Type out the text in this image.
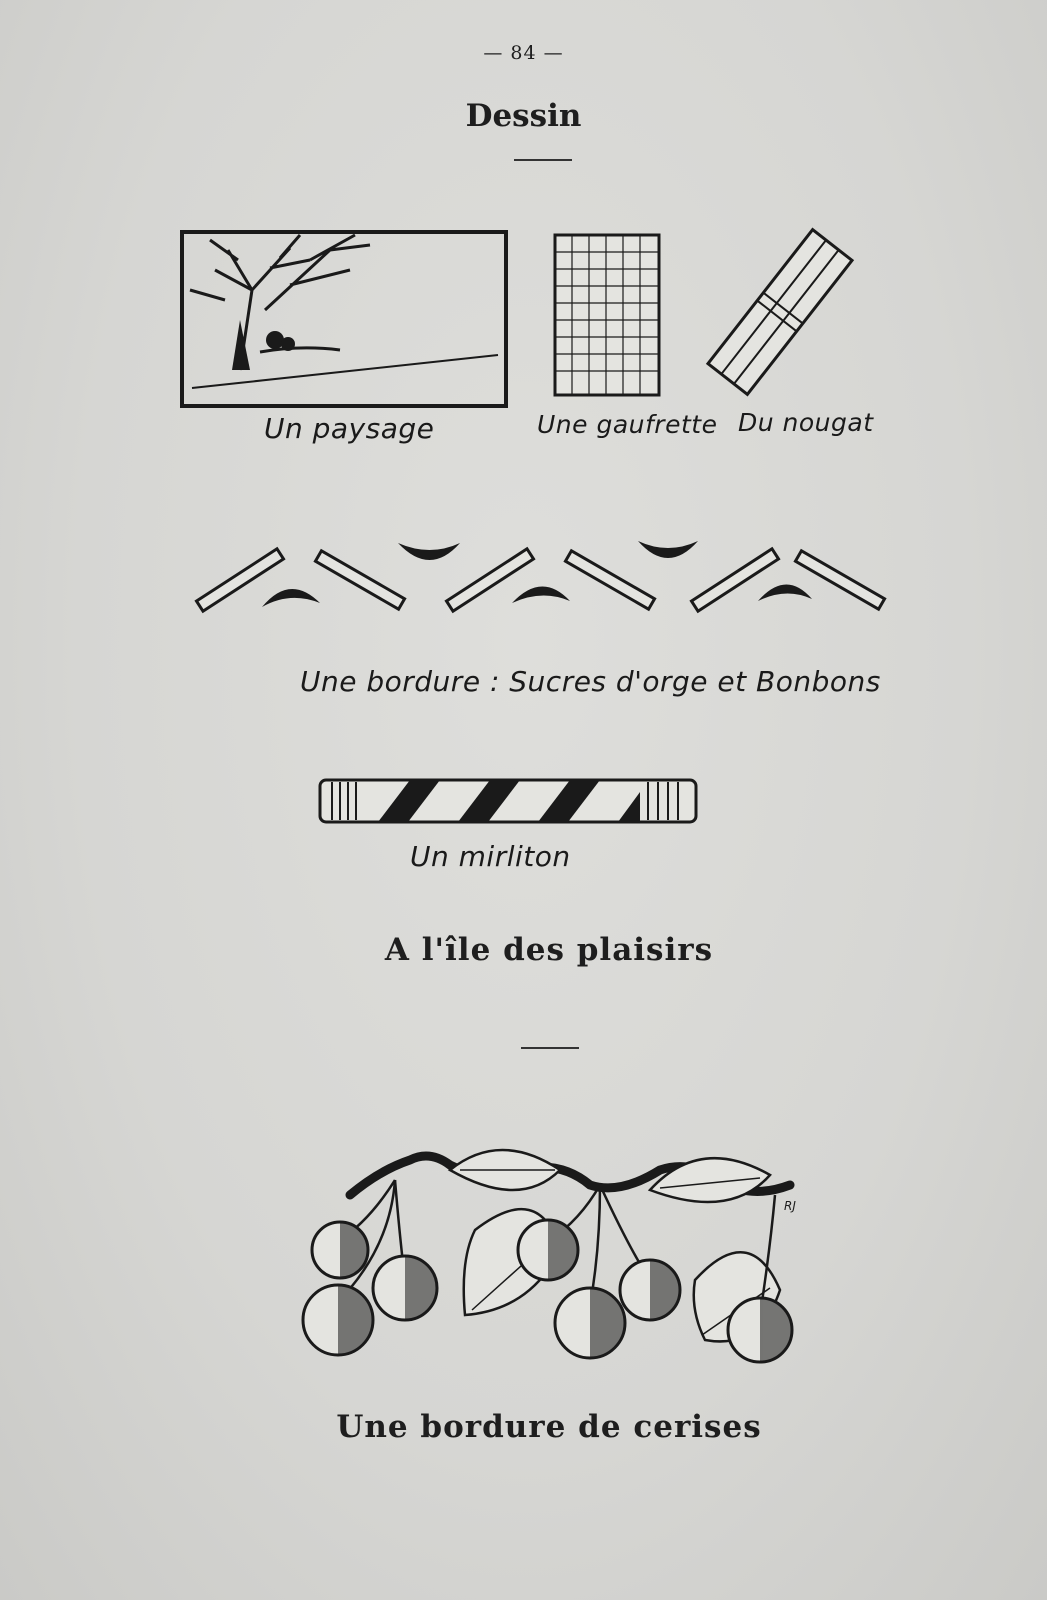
— 84 —
Dessin
Un paysage	Une gaufrette Du nougat
Une bordure : Sucres d'orge et Bonbons
Un mirliton
A l'île des plaisirs
RJ
Une bordure de cerises
